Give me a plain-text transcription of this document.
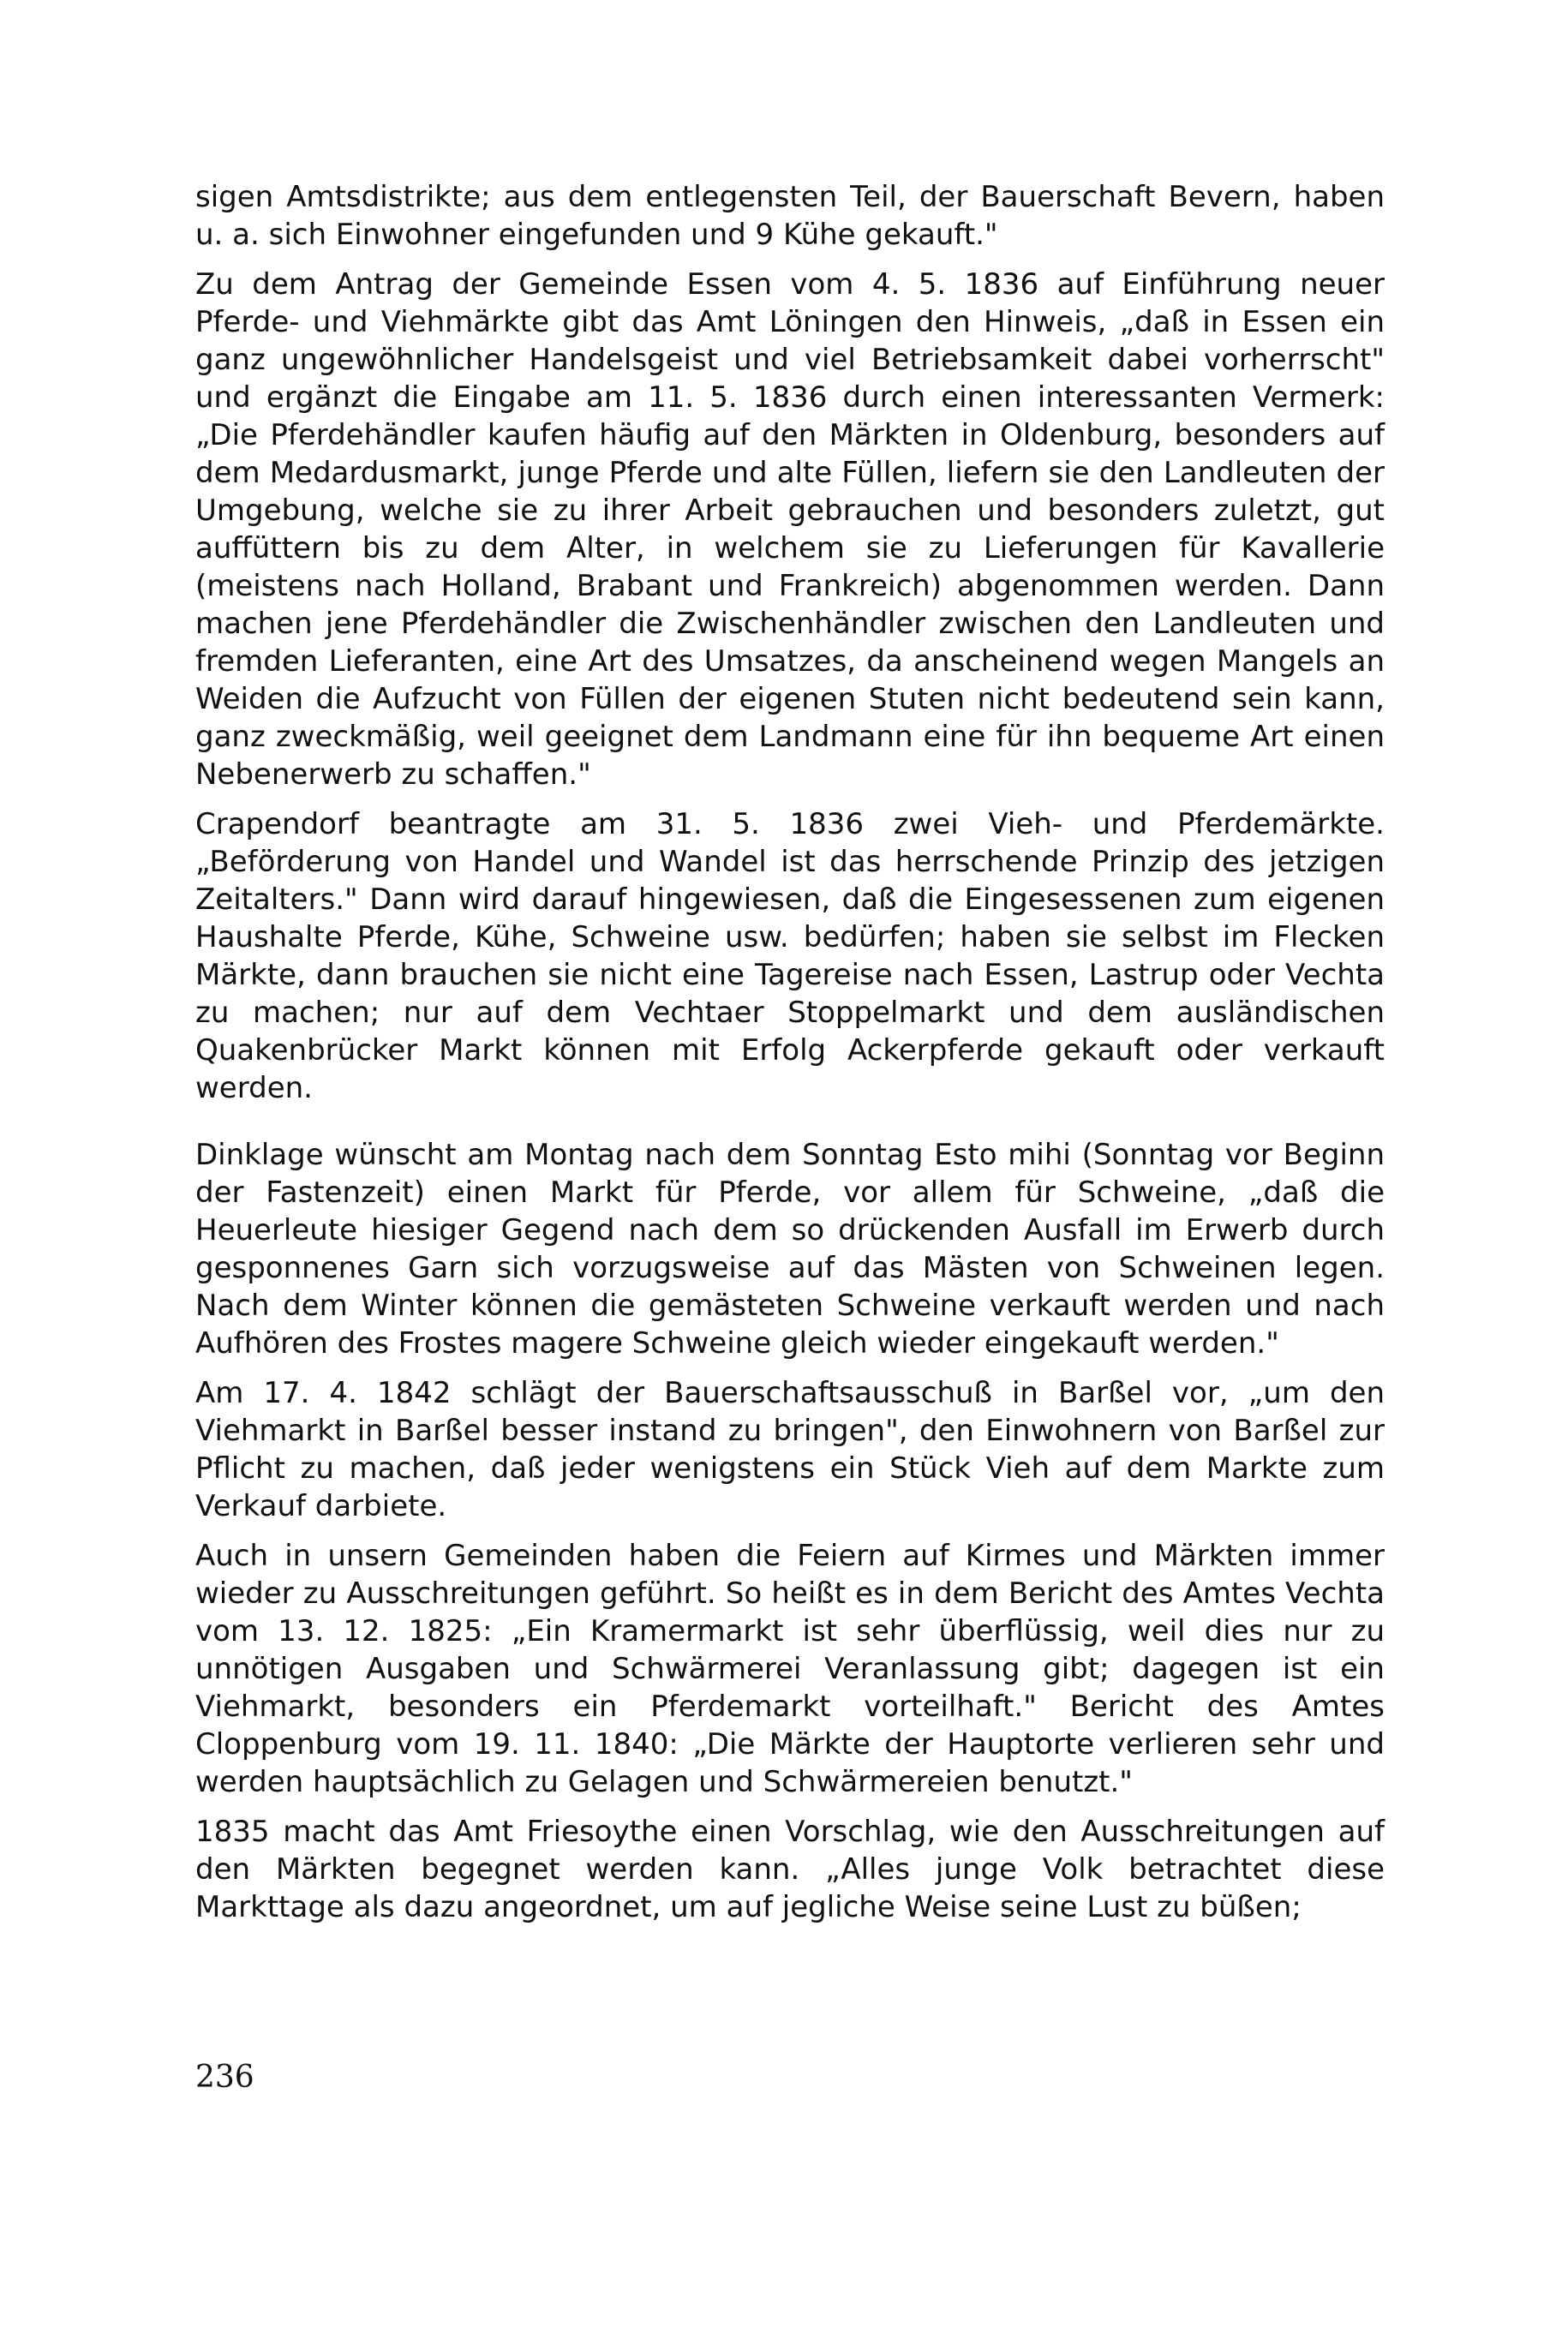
sigen Amtsdistrikte; aus dem entlegensten Teil, der Bauerschaft Bevern, haben u. a. sich Einwohner eingefunden und 9 Kühe gekauft."

Zu dem Antrag der Gemeinde Essen vom 4. 5. 1836 auf Einführung neuer Pferde- und Viehmärkte gibt das Amt Löningen den Hinweis, „daß in Essen ein ganz ungewöhnlicher Handelsgeist und viel Betriebsamkeit dabei vorherrscht" und ergänzt die Eingabe am 11. 5. 1836 durch einen interessanten Vermerk: „Die Pferdehändler kaufen häufig auf den Märkten in Oldenburg, besonders auf dem Medardusmarkt, junge Pferde und alte Füllen, liefern sie den Landleuten der Umgebung, welche sie zu ihrer Arbeit gebrauchen und besonders zuletzt, gut auffüttern bis zu dem Alter, in welchem sie zu Lieferungen für Kavallerie (meistens nach Holland, Brabant und Frankreich) abgenommen werden. Dann machen jene Pferdehändler die Zwischenhändler zwischen den Landleuten und fremden Lieferanten, eine Art des Umsatzes, da anscheinend wegen Mangels an Weiden die Aufzucht von Füllen der eigenen Stuten nicht bedeutend sein kann, ganz zweckmäßig, weil geeignet dem Landmann eine für ihn bequeme Art einen Nebenerwerb zu schaffen."

Crapendorf beantragte am 31. 5. 1836 zwei Vieh- und Pferdemärkte. „Beförderung von Handel und Wandel ist das herrschende Prinzip des jetzigen Zeitalters." Dann wird darauf hingewiesen, daß die Eingesessenen zum eigenen Haushalte Pferde, Kühe, Schweine usw. bedürfen; haben sie selbst im Flecken Märkte, dann brauchen sie nicht eine Tagereise nach Essen, Lastrup oder Vechta zu machen; nur auf dem Vechtaer Stoppelmarkt und dem ausländischen Quakenbrücker Markt können mit Erfolg Ackerpferde gekauft oder verkauft werden.

Dinklage wünscht am Montag nach dem Sonntag Esto mihi (Sonntag vor Beginn der Fastenzeit) einen Markt für Pferde, vor allem für Schweine, „daß die Heuerleute hiesiger Gegend nach dem so drückenden Ausfall im Erwerb durch gesponnenes Garn sich vorzugsweise auf das Mästen von Schweinen legen. Nach dem Winter können die gemästeten Schweine verkauft werden und nach Aufhören des Frostes magere Schweine gleich wieder eingekauft werden."

Am 17. 4. 1842 schlägt der Bauerschaftsausschuß in Barßel vor, „um den Viehmarkt in Barßel besser instand zu bringen", den Einwohnern von Barßel zur Pflicht zu machen, daß jeder wenigstens ein Stück Vieh auf dem Markte zum Verkauf darbiete.

Auch in unsern Gemeinden haben die Feiern auf Kirmes und Märkten immer wieder zu Ausschreitungen geführt. So heißt es in dem Bericht des Amtes Vechta vom 13. 12. 1825: „Ein Kramermarkt ist sehr überflüssig, weil dies nur zu unnötigen Ausgaben und Schwärmerei Veranlassung gibt; dagegen ist ein Viehmarkt, besonders ein Pferdemarkt vorteilhaft." Bericht des Amtes Cloppenburg vom 19. 11. 1840: „Die Märkte der Hauptorte verlieren sehr und werden hauptsächlich zu Gelagen und Schwärmereien benutzt."

1835 macht das Amt Friesoythe einen Vorschlag, wie den Ausschreitungen auf den Märkten begegnet werden kann. „Alles junge Volk betrachtet diese Markttage als dazu angeordnet, um auf jegliche Weise seine Lust zu büßen;

236
